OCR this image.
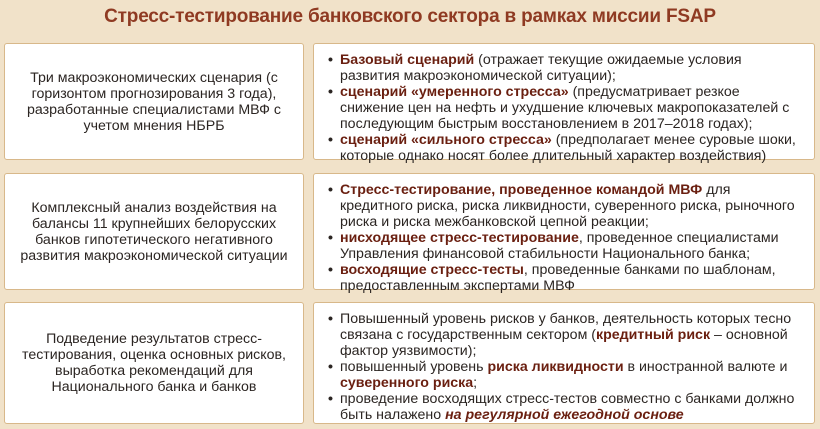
Стресс-тестирование банковского сектора в рамках миссии FSAP
Три макроэкономических сценария (с горизонтом прогнозирования 3 года), разработанные специалистами МВФ с учетом мнения НБРБ
• Базовый сценарий (отражает текущие ожидаемые условия развития макроэкономической ситуации);
• сценарий «умеренного стресса» (предусматривает резкое снижение цен на нефть и ухудшение ключевых макропоказателей с последующим быстрым восстановлением в 2017–2018 годах);
• сценарий «сильного стресса» (предполагает менее суровые шоки, которые однако носят более длительный характер воздействия)
Комплексный анализ воздействия на балансы 11 крупнейших белорусских банков гипотетического негативного развития макроэкономической ситуации
• Стресс-тестирование, проведенное командой МВФ для кредитного риска, риска ликвидности, суверенного риска, рыночного риска и риска межбанковской цепной реакции;
• нисходящее стресс-тестирование, проведенное специалистами Управления финансовой стабильности Национального банка;
• восходящие стресс-тесты, проведенные банками по шаблонам, предоставленным экспертами МВФ
Подведение результатов стресс-тестирования, оценка основных рисков, выработка рекомендаций для Национального банка и банков
• Повышенный уровень рисков у банков, деятельность которых тесно связана с государственным сектором (кредитный риск – основной фактор уязвимости);
• повышенный уровень риска ликвидности в иностранной валюте и суверенного риска;
• проведение восходящих стресс-тестов совместно с банками должно быть налажено на регулярной ежегодной основе
